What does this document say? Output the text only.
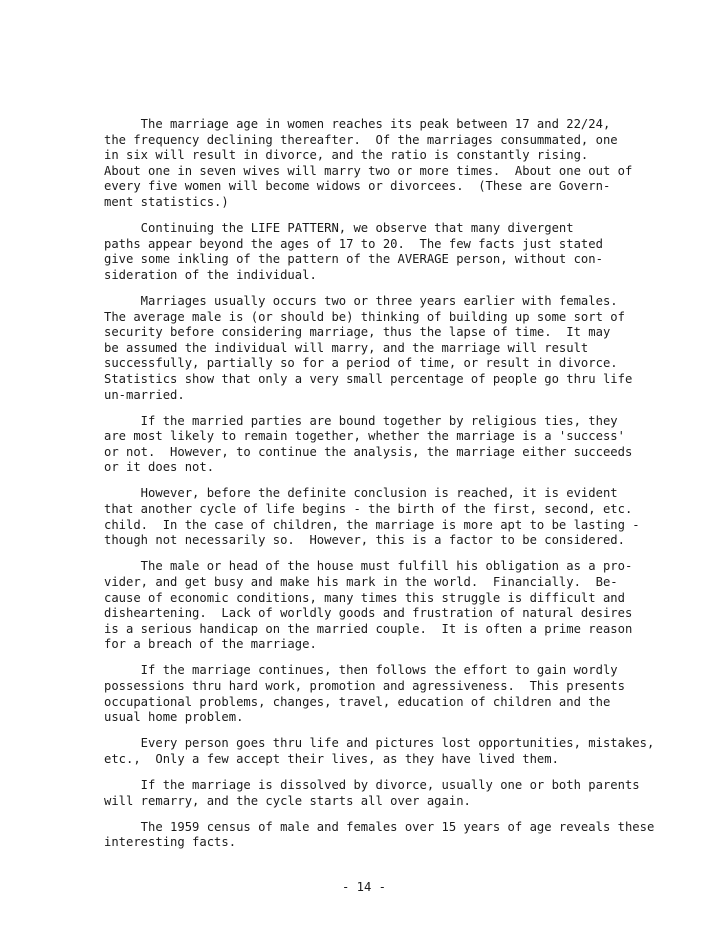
The marriage age in women reaches its peak between 17 and 22/24,
the frequency declining thereafter.  Of the marriages consummated, one
in six will result in divorce, and the ratio is constantly rising.
About one in seven wives will marry two or more times.  About one out of
every five women will become widows or divorcees.  (These are Govern-
ment statistics.)
Continuing the LIFE PATTERN, we observe that many divergent
paths appear beyond the ages of 17 to 20.  The few facts just stated
give some inkling of the pattern of the AVERAGE person, without con-
sideration of the individual.
Marriages usually occurs two or three years earlier with females.
The average male is (or should be) thinking of building up some sort of
security before considering marriage, thus the lapse of time.  It may
be assumed the individual will marry, and the marriage will result
successfully, partially so for a period of time, or result in divorce.
Statistics show that only a very small percentage of people go thru life
un-married.
If the married parties are bound together by religious ties, they
are most likely to remain together, whether the marriage is a 'success'
or not.  However, to continue the analysis, the marriage either succeeds
or it does not.
However, before the definite conclusion is reached, it is evident
that another cycle of life begins - the birth of the first, second, etc.
child.  In the case of children, the marriage is more apt to be lasting -
though not necessarily so.  However, this is a factor to be considered.
The male or head of the house must fulfill his obligation as a pro-
vider, and get busy and make his mark in the world.  Financially.  Be-
cause of economic conditions, many times this struggle is difficult and
disheartening.  Lack of worldly goods and frustration of natural desires
is a serious handicap on the married couple.  It is often a prime reason
for a breach of the marriage.
If the marriage continues, then follows the effort to gain wordly
possessions thru hard work, promotion and agressiveness.  This presents
occupational problems, changes, travel, education of children and the
usual home problem.
Every person goes thru life and pictures lost opportunities, mistakes,
etc.,  Only a few accept their lives, as they have lived them.
If the marriage is dissolved by divorce, usually one or both parents
will remarry, and the cycle starts all over again.
The 1959 census of male and females over 15 years of age reveals these
interesting facts.
- 14 -
